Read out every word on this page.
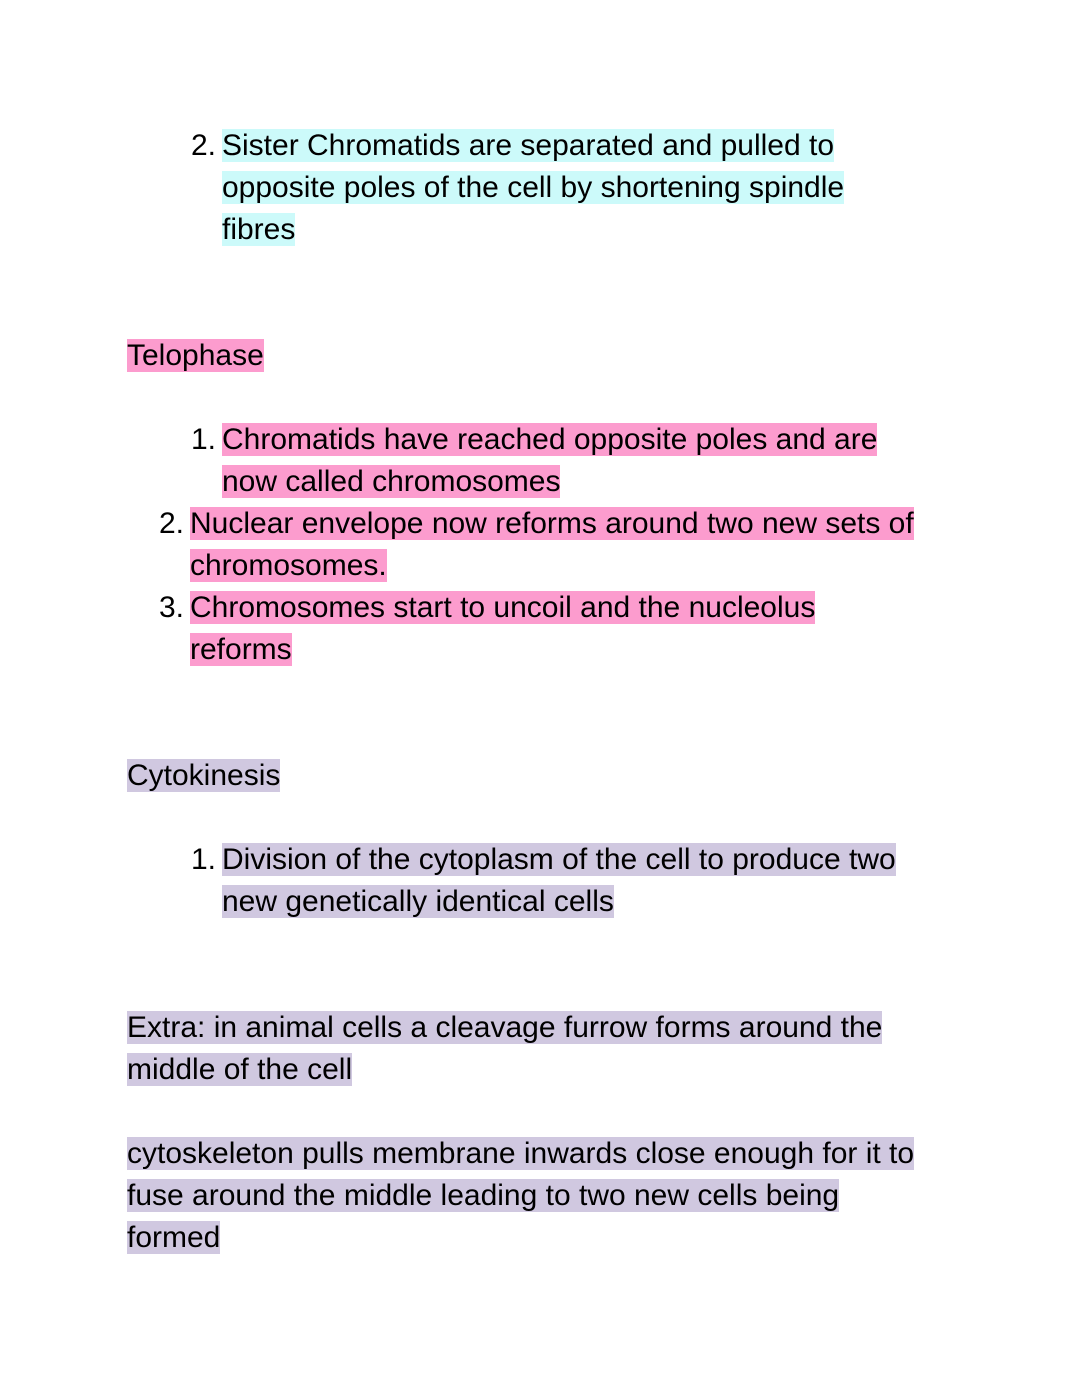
2. Sister Chromatids are separated and pulled to opposite poles of the cell by shortening spindle fibres
Telophase
1. Chromatids have reached opposite poles and are now called chromosomes
2. Nuclear envelope now reforms around two new sets of chromosomes.
3. Chromosomes start to uncoil and the nucleolus reforms
Cytokinesis
1. Division of the cytoplasm of the cell to produce two new genetically identical cells
Extra: in animal cells a cleavage furrow forms around the middle of the cell
cytoskeleton pulls membrane inwards close enough for it to fuse around the middle leading to two new cells being formed
